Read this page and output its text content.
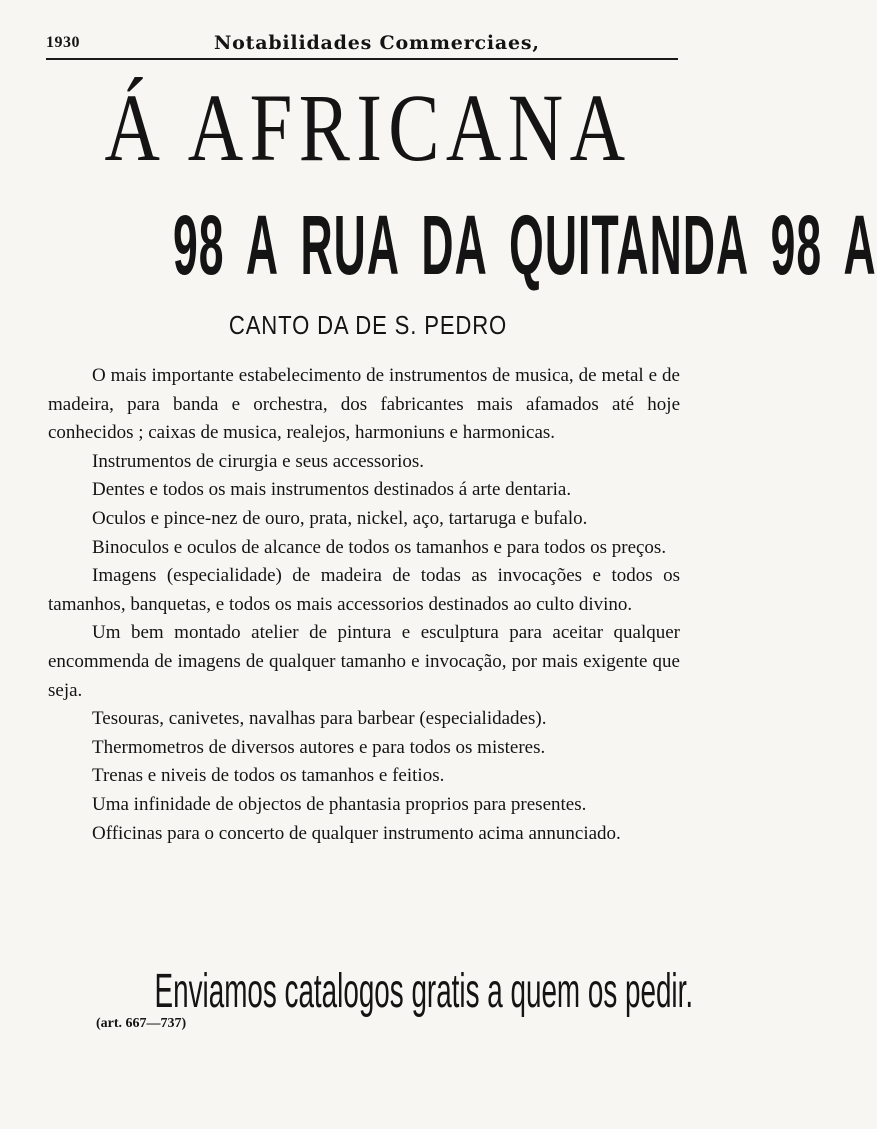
1930	Notabilidades Commerciaes,
Á AFRICANA
98 A RUA DA QUITANDA 98 A
CANTO DA DE S. PEDRO

O mais importante estabelecimento de instrumentos de musica, de metal e de madeira, para banda e orchestra, dos fabricantes mais afamados até hoje conhecidos ; caixas de musica, realejos, harmoniuns e harmonicas.

Instrumentos de cirurgia e seus accessorios.

Dentes e todos os mais instrumentos destinados á arte dentaria.

Oculos e pince-nez de ouro, prata, nickel, aço, tartaruga e bufalo.

Binoculos e oculos de alcance de todos os tamanhos e para todos os preços.

Imagens (especialidade) de madeira de todas as invocações e todos os tamanhos, banquetas, e todos os mais accessorios destinados ao culto divino.

Um bem montado atelier de pintura e esculptura para aceitar qualquer encommenda de imagens de qualquer tamanho e invocação, por mais exigente que seja.

Tesouras, canivetes, navalhas para barbear (especialidades).

Thermometros de diversos autores e para todos os misteres.

Trenas e niveis de todos os tamanhos e feitios.

Uma infinidade de objectos de phantasia proprios para presentes.

Officinas para o concerto de qualquer instrumento acima annunciado.

Enviamos catalogos gratis a quem os pedir.
(art. 667—737)
